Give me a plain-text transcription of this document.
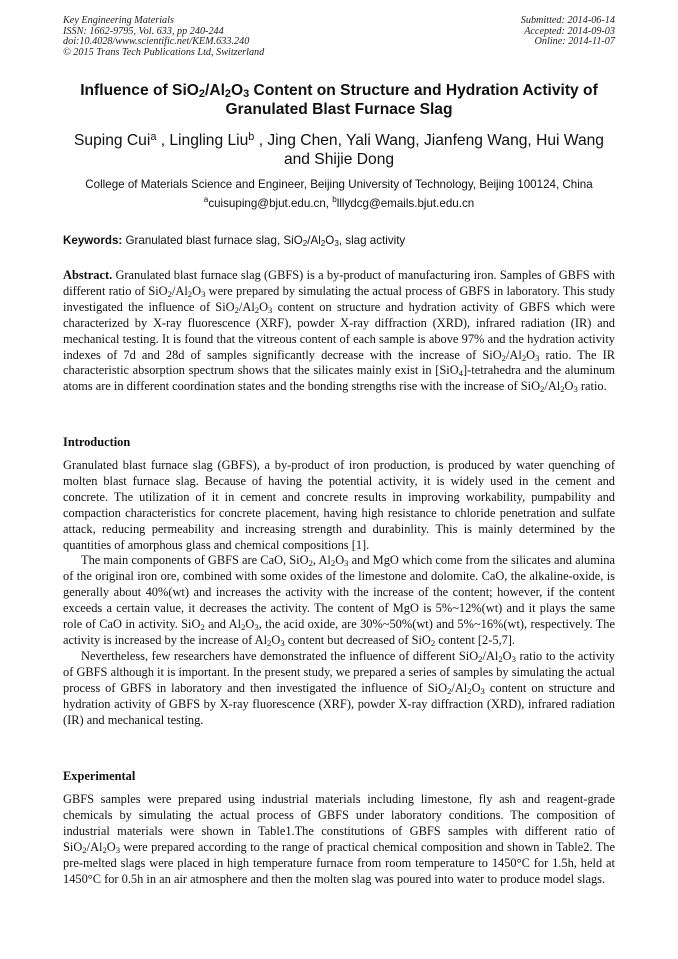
Key Engineering Materials
ISSN: 1662-9795, Vol. 633, pp 240-244
doi:10.4028/www.scientific.net/KEM.633.240
© 2015 Trans Tech Publications Ltd, Switzerland
Submitted: 2014-06-14
Accepted: 2014-09-03
Online: 2014-11-07
Influence of $SiO_2/Al_2O_3$ Content on Structure and Hydration Activity of Granulated Blast Furnace Slag
Suping Cui$^a$ , Lingling Liu$^b$ , Jing Chen, Yali Wang, Jianfeng Wang, Hui Wang and Shijie Dong
College of Materials Science and Engineer, Beijing University of Technology, Beijing 100124, China
$^a$cuisuping@bjut.edu.cn, $^b$lllydcg@emails.bjut.edu.cn
Keywords: Granulated blast furnace slag, $SiO_2/Al_2O_3$, slag activity
Abstract. Granulated blast furnace slag (GBFS) is a by-product of manufacturing iron. Samples of GBFS with different ratio of $SiO_2/Al_2O_3$ were prepared by simulating the actual process of GBFS in laboratory. This study investigated the influence of $SiO_2/Al_2O_3$ content on structure and hydration activity of GBFS which were characterized by X-ray fluorescence (XRF), powder X-ray diffraction (XRD), infrared radiation (IR) and mechanical testing. It is found that the vitreous content of each sample is above 97% and the hydration activity indexes of 7d and 28d of samples significantly decrease with the increase of $SiO_2/Al_2O_3$ ratio. The IR characteristic absorption spectrum shows that the silicates mainly exist in [SiO$_4$]-tetrahedra and the aluminum atoms are in different coordination states and the bonding strengths rise with the increase of $SiO_2/Al_2O_3$ ratio.
Introduction

Granulated blast furnace slag (GBFS), a by-product of iron production, is produced by water quenching of molten blast furnace slag. Because of having the potential activity, it is widely used in the cement and concrete. The utilization of it in cement and concrete results in improving workability, pumpability and compaction characteristics for concrete placement, having high resistance to chloride penetration and sulfate attack, reducing permeability and increasing strength and durabinlity. This is mainly determined by the quantities of amorphous glass and chemical compositions [1].

The main components of GBFS are CaO, SiO$_2$, $Al_2O_3$ and MgO which come from the silicates and alumina of the original iron ore, combined with some oxides of the limestone and dolomite. CaO, the alkaline-oxide, is generally about 40%(wt) and increases the activity with the increase of the content; however, if the content exceeds a certain value, it decreases the activity. The content of MgO is 5%~12%(wt) and it plays the same role of CaO in activity. SiO$_2$ and $Al_2O_3$, the acid oxide, are 30%~50%(wt) and 5%~16%(wt), respectively. The activity is increased by the increase of $Al_2O_3$ content but decreased of SiO$_2$ content [2-5,7].

Nevertheless, few researchers have demonstrated the influence of different $SiO_2/Al_2O_3$ ratio to the activity of GBFS although it is important. In the present study, we prepared a series of samples by simulating the actual process of GBFS in laboratory and then investigated the influence of $SiO_2/Al_2O_3$ content on structure and hydration activity of GBFS by X-ray fluorescence (XRF), powder X-ray diffraction (XRD), infrared radiation (IR) and mechanical testing.

Experimental
GBFS samples were prepared using industrial materials including limestone, fly ash and reagent-grade chemicals by simulating the actual process of GBFS under laboratory conditions. The composition of industrial materials were shown in Table1.The constitutions of GBFS samples with different ratio of $SiO_2/Al_2O_3$ were prepared according to the range of practical chemical composition and shown in Table2. The pre-melted slags were placed in high temperature furnace from room temperature to 1450°C for 1.5h, held at 1450°C for 0.5h in an air atmosphere and then the molten slag was poured into water to produce model slags.
